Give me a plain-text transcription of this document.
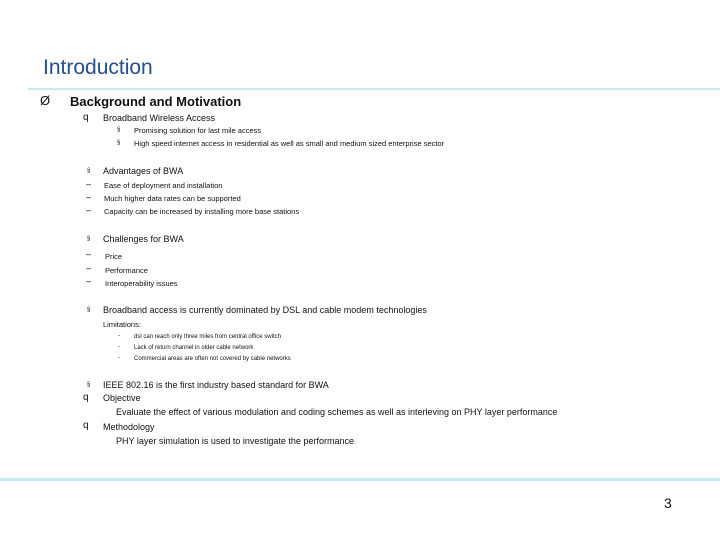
Introduction
Ø Background and Motivation
q Broadband Wireless Access
§ Promising solution for last mile access
§ High speed internet access in residential as well as small and medium sized enterprise sector
§ Advantages of BWA
– Ease of deployment and installation
– Much higher data rates can be supported
– Capacity can be increased by installing more base stations
§ Challenges for BWA
– Price
– Performance
– Interoperability issues
§ Broadband access is currently dominated by DSL and cable modem technologies
Limitations:
- dsl can reach only three miles from central office switch
- Lack of return channel in older cable network
- Commercial areas are often not covered by cable networks
§ IEEE 802.16 is the first industry based standard for BWA
q Objective
Evaluate the effect of various modulation and coding schemes as well as interleving on PHY layer performance
q Methodology
PHY layer simulation is used to investigate the performance
3
